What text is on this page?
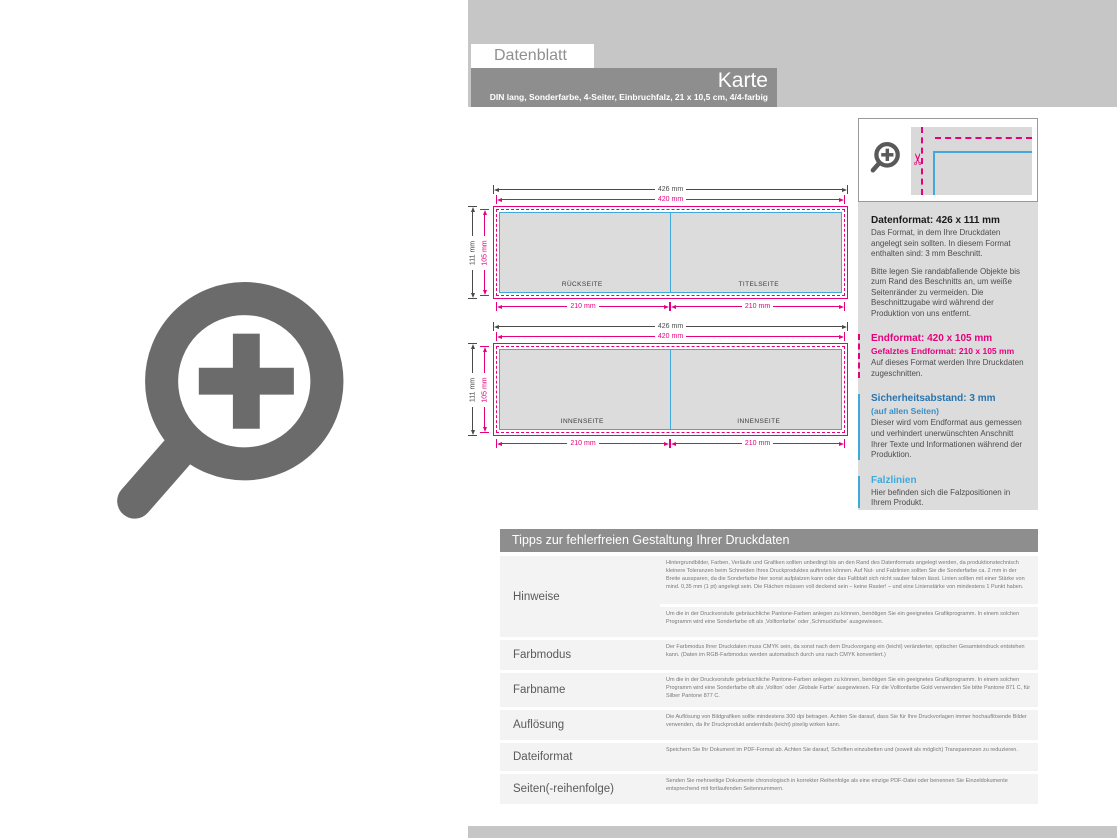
Datenblatt
Karte
DIN lang, Sonderfarbe, 4-Seiter, Einbruchfalz, 21 x 10,5 cm, 4/4-farbig
426 mm
420 mm
111 mm 105 mm
RÜCKSEITE	TITELSEITE
210 mm	210 mm
426 mm
420 mm
111 mm 105 mm
INNENSEITE	INNENSEITE
210 mm	210 mm
✂
Datenformat: 426 x 111 mm

Das Format, in dem Ihre Druckdaten angelegt sein sollten. In diesem Format enthalten sind: 3 mm Beschnitt.

Bitte legen Sie randabfallende Objekte bis zum Rand des Beschnitts an, um weiße Seitenränder zu vermeiden. Die Beschnittzugabe wird während der Produktion von uns entfernt.

Endformat: 420 x 105 mm
Gefalztes Endformat: 210 x 105 mm

Auf dieses Format werden Ihre Druckdaten zugeschnitten.

Sicherheitsabstand: 3 mm
(auf allen Seiten)

Dieser wird vom Endformat aus gemessen und verhindert unerwünschten Anschnitt Ihrer Texte und Informationen während der Produktion.

Falzlinien

Hier befinden sich die Falzpositionen in Ihrem Produkt.

Tipps zur fehlerfreien Gestaltung Ihrer Druckdaten
Hinweise

Hintergrundbilder, Farben, Verläufe und Grafiken sollten unbedingt bis an den Rand des Datenformats angelegt werden, da produktionstechnisch kleinere Toleranzen beim Schneiden Ihres Druckproduktes auftreten können. Auf Nut- und Falzlinien sollten Sie die Sonderfarbe ca. 2 mm in der Breite aussparen, da die Sonderfarbe hier sonst aufplatzen kann oder das Faltblatt sich nicht sauber falzen lässt. Linien sollten mit einer Stärke von mind. 0,35 mm (1 pt) angelegt sein. Die Flächen müssen voll deckend sein – keine Raster! – und eine Linienstärke von mindestens 1 Punkt haben.

Um die in der Druckvorstufe gebräuchliche Pantone-Farben anlegen zu können, benötigen Sie ein geeignetes Grafikprogramm. In einem solchen Programm wird eine Sonderfarbe oft als ‚Volltonfarbe‘ oder ‚Schmuckfarbe‘ ausgewiesen.

Farbmodus

Der Farbmodus Ihrer Druckdaten muss CMYK sein, da sonst nach dem Druckvorgang ein (leicht) veränderter, optischer Gesamteindruck entstehen kann. (Daten im RGB-Farbmodus werden automatisch durch uns nach CMYK konvertiert.)

Farbname

Um die in der Druckvorstufe gebräuchliche Pantone-Farben anlegen zu können, benötigen Sie ein geeignetes Grafikprogramm. In einem solchen Programm wird eine Sonderfarbe oft als ‚Vollton‘ oder ‚Globale Farbe‘ ausgewiesen. Für die Volltonfarbe Gold verwenden Sie bitte Pantone 871 C, für Silber Pantone 877 C.

Auflösung

Die Auflösung von Bildgrafiken sollte mindestens 300 dpi betragen. Achten Sie darauf, dass Sie für Ihre Druckvorlagen immer hochauflösende Bilder verwenden, da Ihr Druckprodukt andernfalls (leicht) pixelig wirken kann.

Dateiformat

Speichern Sie Ihr Dokument im PDF-Format ab. Achten Sie darauf, Schriften einzubetten und (soweit als möglich) Transparenzen zu reduzieren.

Seiten(-reihenfolge)

Senden Sie mehrseitige Dokumente chronologisch in korrekter Reihenfolge als eine einzige PDF-Datei oder benennen Sie Einzeldokumente entsprechend mit fortlaufenden Seitennummern.
